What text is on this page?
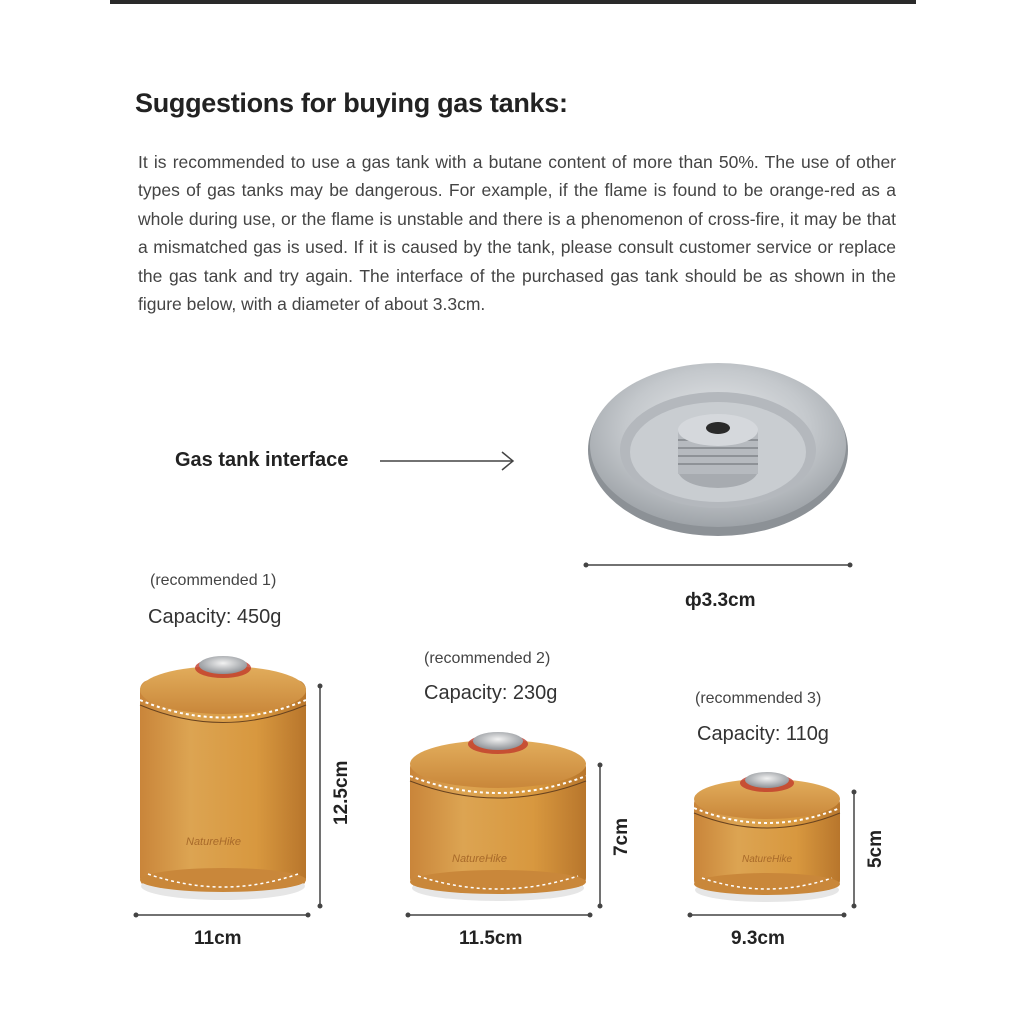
Suggestions for buying gas tanks:
It is recommended to use a gas tank with a butane content of more than 50%. The use of other types of gas tanks may be dangerous. For example, if the flame is found to be orange-red as a whole during use, or the flame is unstable and there is a phenomenon of cross-fire, it may be that a mismatched gas is used. If it is caused by the tank, please consult customer service or replace the gas tank and try again. The interface of the purchased gas tank should be as shown in the figure below, with a diameter of about 3.3cm.
Gas tank interface
NatureHike
NatureHike	NatureHike
ф3.3cm
(recommended 1)
Capacity: 450g
12.5cm
11cm
(recommended 2)
Capacity: 230g
7cm
11.5cm
(recommended 3)
Capacity: 110g
5cm
9.3cm
